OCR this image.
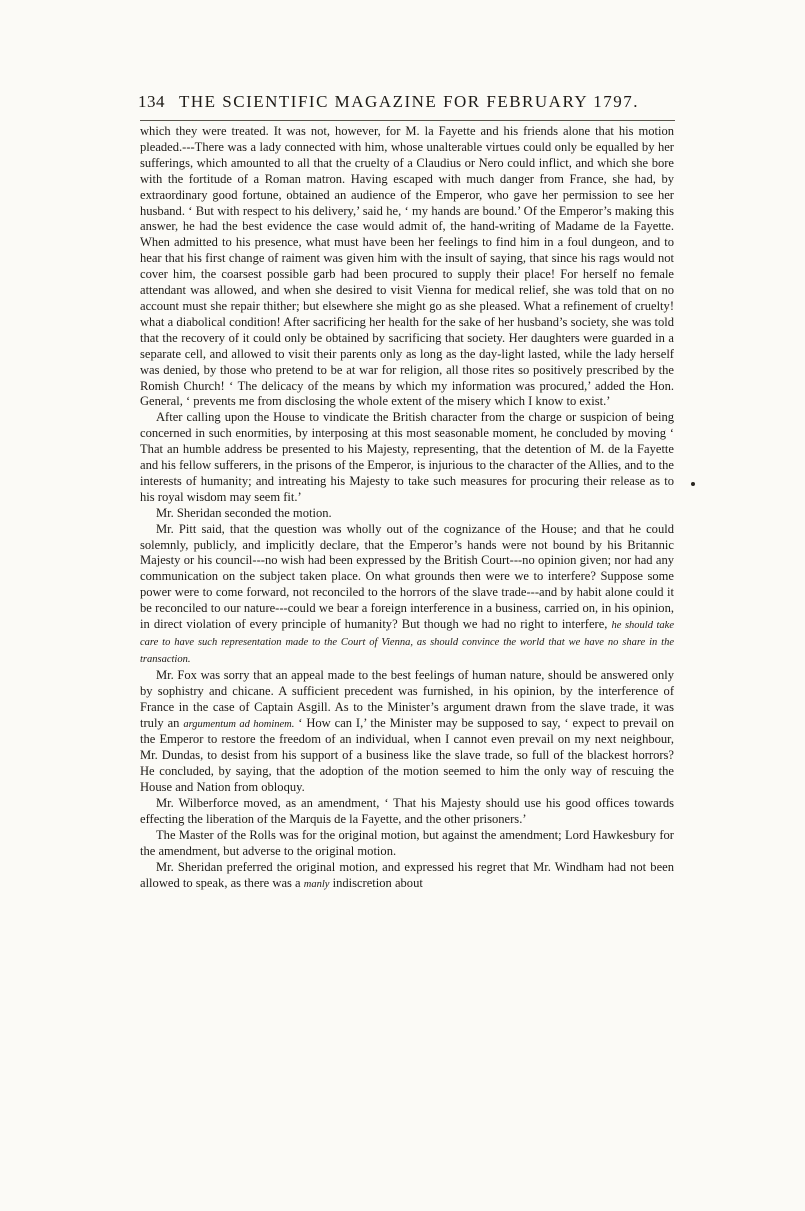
134 THE SCIENTIFIC MAGAZINE FOR FEBRUARY 1797.

which they were treated. It was not, however, for M. la Fayette and his friends alone that his motion pleaded.---There was a lady connected with him, whose unalterable virtues could only be equalled by her sufferings, which amounted to all that the cruelty of a Claudius or Nero could inflict, and which she bore with the fortitude of a Roman matron. Having escaped with much danger from France, she had, by extraordinary good fortune, obtained an audience of the Emperor, who gave her permission to see her husband. ‘ But with respect to his delivery,’ said he, ‘ my hands are bound.’ Of the Emperor’s making this answer, he had the best evidence the case would admit of, the hand-writing of Madame de la Fayette. When admitted to his presence, what must have been her feelings to find him in a foul dungeon, and to hear that his first change of raiment was given him with the insult of saying, that since his rags would not cover him, the coarsest possible garb had been procured to supply their place! For herself no female attendant was allowed, and when she desired to visit Vienna for medical relief, she was told that on no account must she repair thither; but elsewhere she might go as she pleased. What a refinement of cruelty! what a diabolical condition! After sacrificing her health for the sake of her husband’s society, she was told that the recovery of it could only be obtained by sacrificing that society. Her daughters were guarded in a separate cell, and allowed to visit their parents only as long as the day-light lasted, while the lady herself was denied, by those who pretend to be at war for religion, all those rites so positively prescribed by the Romish Church! ‘ The delicacy of the means by which my information was procured,’ added the Hon. General, ‘ prevents me from disclosing the whole extent of the misery which I know to exist.’

After calling upon the House to vindicate the British character from the charge or suspicion of being concerned in such enormities, by interposing at this most seasonable moment, he concluded by moving ‘ That an humble address be presented to his Majesty, representing, that the detention of M. de la Fayette and his fellow sufferers, in the prisons of the Emperor, is injurious to the character of the Allies, and to the interests of humanity; and intreating his Majesty to take such measures for procuring their release as to his royal wisdom may seem fit.’

Mr. Sheridan seconded the motion.

Mr. Pitt said, that the question was wholly out of the cognizance of the House; and that he could solemnly, publicly, and implicitly declare, that the Emperor’s hands were not bound by his Britannic Majesty or his council---no wish had been expressed by the British Court---no opinion given; nor had any communication on the subject taken place. On what grounds then were we to interfere? Suppose some power were to come forward, not reconciled to the horrors of the slave trade---and by habit alone could it be reconciled to our nature---could we bear a foreign interference in a business, carried on, in his opinion, in direct violation of every principle of humanity? But though we had no right to interfere, he should take care to have such representation made to the Court of Vienna, as should convince the world that we have no share in the transaction.

Mr. Fox was sorry that an appeal made to the best feelings of human nature, should be answered only by sophistry and chicane. A sufficient precedent was furnished, in his opinion, by the interference of France in the case of Captain Asgill. As to the Minister’s argument drawn from the slave trade, it was truly an argumentum ad hominem. ‘ How can I,’ the Minister may be supposed to say, ‘ expect to prevail on the Emperor to restore the freedom of an individual, when I cannot even prevail on my next neighbour, Mr. Dundas, to desist from his support of a business like the slave trade, so full of the blackest horrors? He concluded, by saying, that the adoption of the motion seemed to him the only way of rescuing the House and Nation from obloquy.

Mr. Wilberforce moved, as an amendment, ‘ That his Majesty should use his good offices towards effecting the liberation of the Marquis de la Fayette, and the other prisoners.’

The Master of the Rolls was for the original motion, but against the amendment; Lord Hawkesbury for the amendment, but adverse to the original motion.

Mr. Sheridan preferred the original motion, and expressed his regret that Mr. Windham had not been allowed to speak, as there was a manly indiscretion about
